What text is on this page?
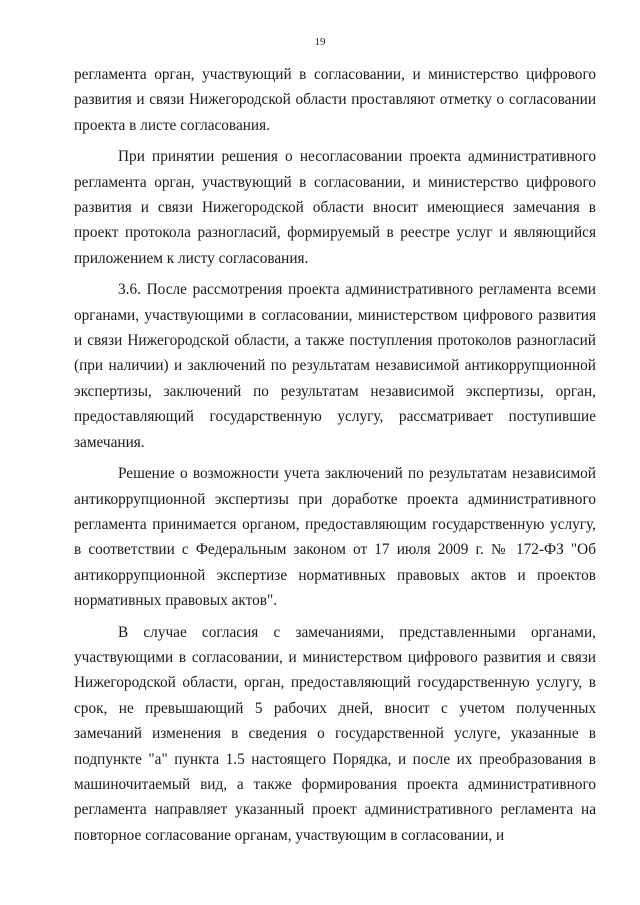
19

регламента орган, участвующий в согласовании, и министерство цифрового развития и связи Нижегородской области проставляют отметку о согласовании проекта в листе согласования.

При принятии решения о несогласовании проекта административного регламента орган, участвующий в согласовании, и министерство цифрового развития и связи Нижегородской области вносит имеющиеся замечания в проект протокола разногласий, формируемый в реестре услуг и являющийся приложением к листу согласования.

3.6. После рассмотрения проекта административного регламента всеми органами, участвующими в согласовании, министерством цифрового развития и связи Нижегородской области, а также поступления протоколов разногласий (при наличии) и заключений по результатам независимой антикоррупционной экспертизы, заключений по результатам независимой экспертизы, орган, предоставляющий государственную услугу, рассматривает поступившие замечания.

Решение о возможности учета заключений по результатам независимой антикоррупционной экспертизы при доработке проекта административного регламента принимается органом, предоставляющим государственную услугу, в соответствии с Федеральным законом от 17 июля 2009 г. № 172-ФЗ "Об антикоррупционной экспертизе нормативных правовых актов и проектов нормативных правовых актов".

В случае согласия с замечаниями, представленными органами, участвующими в согласовании, и министерством цифрового развития и связи Нижегородской области, орган, предоставляющий государственную услугу, в срок, не превышающий 5 рабочих дней, вносит с учетом полученных замечаний изменения в сведения о государственной услуге, указанные в подпункте "а" пункта 1.5 настоящего Порядка, и после их преобразования в машиночитаемый вид, а также формирования проекта административного регламента направляет указанный проект административного регламента на повторное согласование органам, участвующим в согласовании, и
